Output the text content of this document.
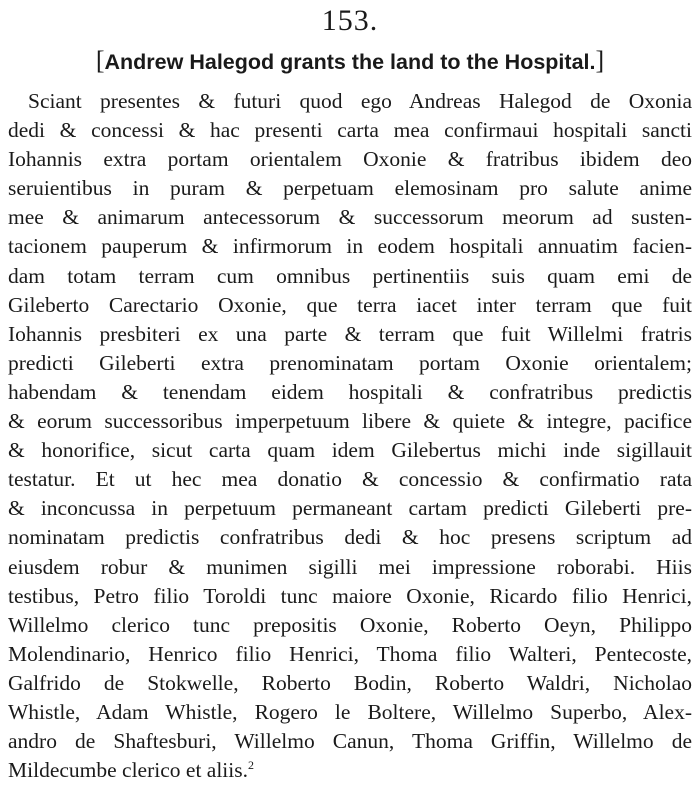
153.
[Andrew Halegod grants the land to the Hospital.]
Sciant presentes & futuri quod ego Andreas Halegod de Oxonia
dedi & concessi & hac presenti carta mea confirmaui hospitali sancti
Iohannis extra portam orientalem Oxonie & fratribus ibidem deo
seruientibus in puram & perpetuam elemosinam pro salute anime
mee & animarum antecessorum & successorum meorum ad susten-
tacionem pauperum & infirmorum in eodem hospitali annuatim facien-
dam totam terram cum omnibus pertinentiis suis quam emi de
Gileberto Carectario Oxonie, que terra iacet inter terram que fuit
Iohannis presbiteri ex una parte & terram que fuit Willelmi fratris
predicti Gileberti extra prenominatam portam Oxonie orientalem;
habendam & tenendam eidem hospitali & confratribus predictis
& eorum successoribus imperpetuum libere & quiete & integre, pacifice
& honorifice, sicut carta quam idem Gilebertus michi inde sigillauit
testatur. Et ut hec mea donatio & concessio & confirmatio rata
& inconcussa in perpetuum permaneant cartam predicti Gileberti pre-
nominatam predictis confratribus dedi & hoc presens scriptum ad
eiusdem robur & munimen sigilli mei impressione roborabi. Hiis
testibus, Petro filio Toroldi tunc maiore Oxonie, Ricardo filio Henrici,
Willelmo clerico tunc prepositis Oxonie, Roberto Oeyn, Philippo
Molendinario, Henrico filio Henrici, Thoma filio Walteri, Pentecoste,
Galfrido de Stokwelle, Roberto Bodin, Roberto Waldri, Nicholao
Whistle, Adam Whistle, Rogero le Boltere, Willelmo Superbo, Alex-
andro de Shaftesburi, Willelmo Canun, Thoma Griffin, Willelmo de
Mildecumbe clerico et aliis.$^2$
